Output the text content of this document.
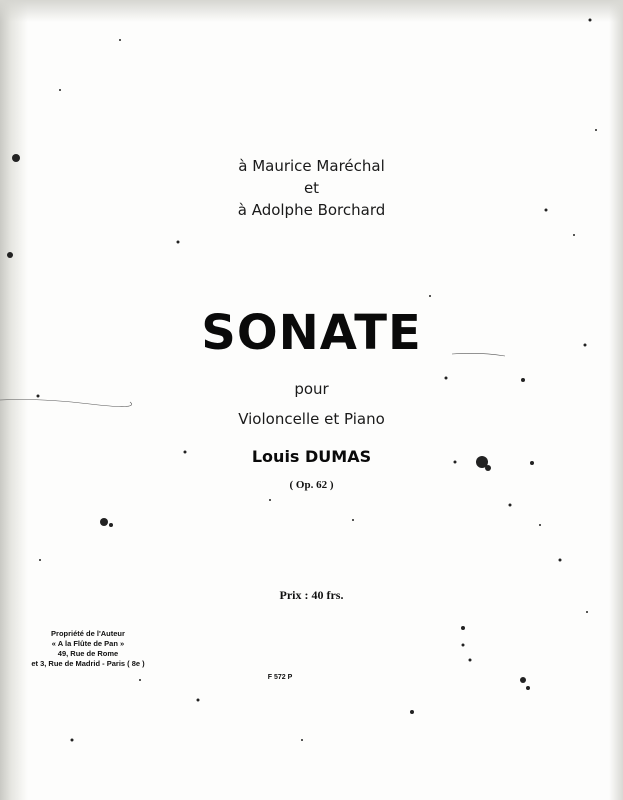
à Maurice Maréchal
et
à Adolphe Borchard
SONATE
pour
Violoncelle et Piano
Louis DUMAS
( Op. 62 )
Prix : 40 frs.
Propriété de l'Auteur
« A la Flûte de Pan »
49, Rue de Rome
et 3, Rue de Madrid - Paris ( 8e )
F 572 P
